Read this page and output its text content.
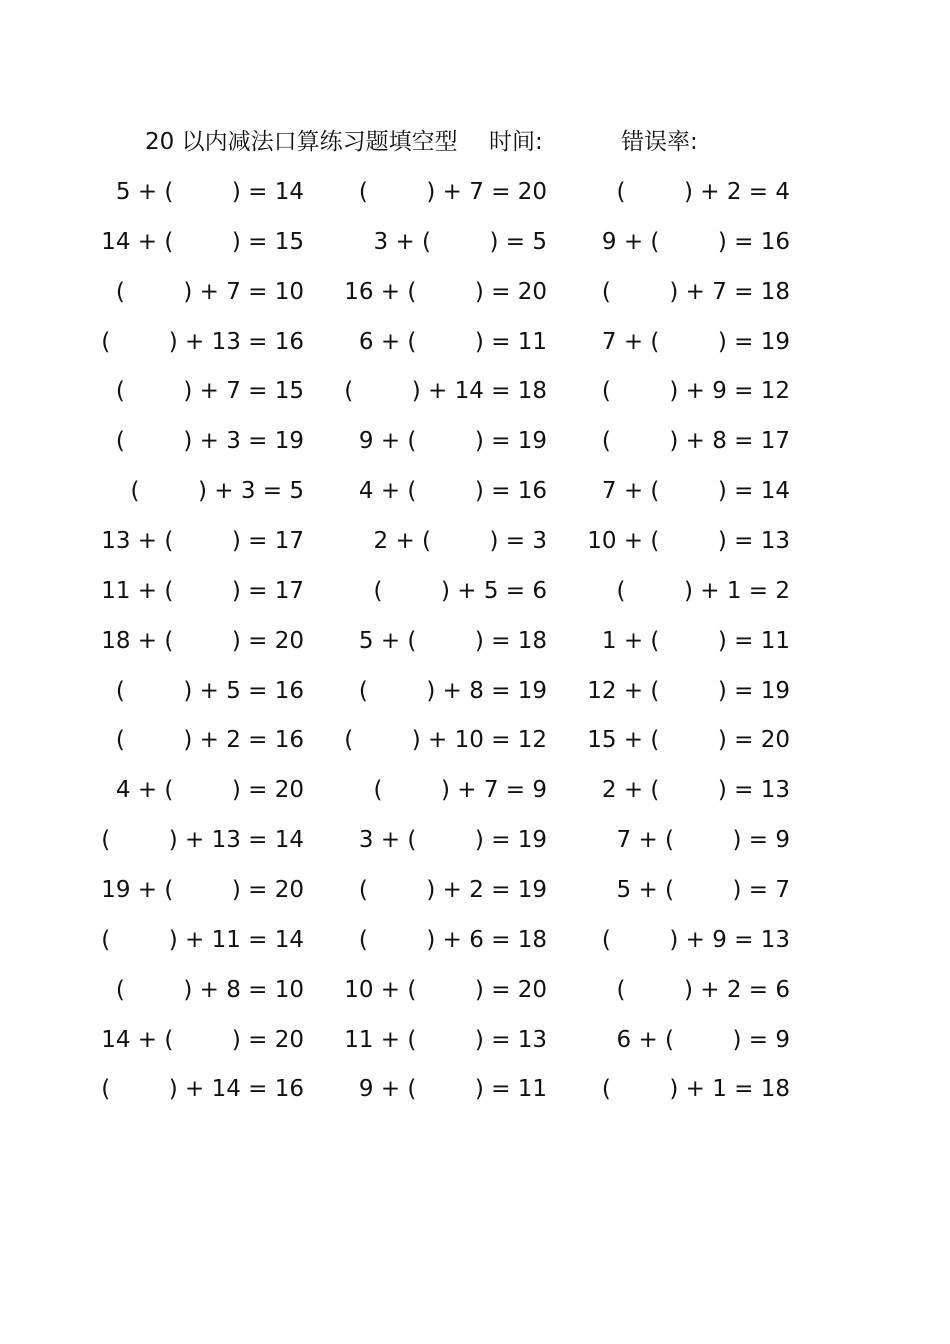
20 以内减法口算练习题填空型 时间:	错误率:
5 + (        ) = 14 (        ) + 7 = 20	(        ) + 2 = 4
14 + (        ) = 15	3 + (        ) = 5 9 + (        ) = 16
(        ) + 7 = 10 16 + (        ) = 20 (        ) + 7 = 18
(        ) + 13 = 16 6 + (        ) = 11 7 + (        ) = 19
(        ) + 7 = 15 (        ) + 14 = 18 (        ) + 9 = 12
(        ) + 3 = 19 9 + (        ) = 19 (        ) + 8 = 17
(        ) + 3 = 5 4 + (        ) = 16 7 + (        ) = 14
13 + (        ) = 17	2 + (        ) = 3 10 + (        ) = 13
11 + (        ) = 17	(        ) + 5 = 6	(        ) + 1 = 2
18 + (        ) = 20 5 + (        ) = 18 1 + (        ) = 11
(        ) + 5 = 16 (        ) + 8 = 19 12 + (        ) = 19
(        ) + 2 = 16 (        ) + 10 = 12 15 + (        ) = 20
4 + (        ) = 20	(        ) + 7 = 9 2 + (        ) = 13
(        ) + 13 = 14 3 + (        ) = 19	7 + (        ) = 9
19 + (        ) = 20 (        ) + 2 = 19	5 + (        ) = 7
(        ) + 11 = 14 (        ) + 6 = 18 (        ) + 9 = 13
(        ) + 8 = 10 10 + (        ) = 20	(        ) + 2 = 6
14 + (        ) = 20 11 + (        ) = 13	6 + (        ) = 9
(        ) + 14 = 16 9 + (        ) = 11 (        ) + 1 = 18
